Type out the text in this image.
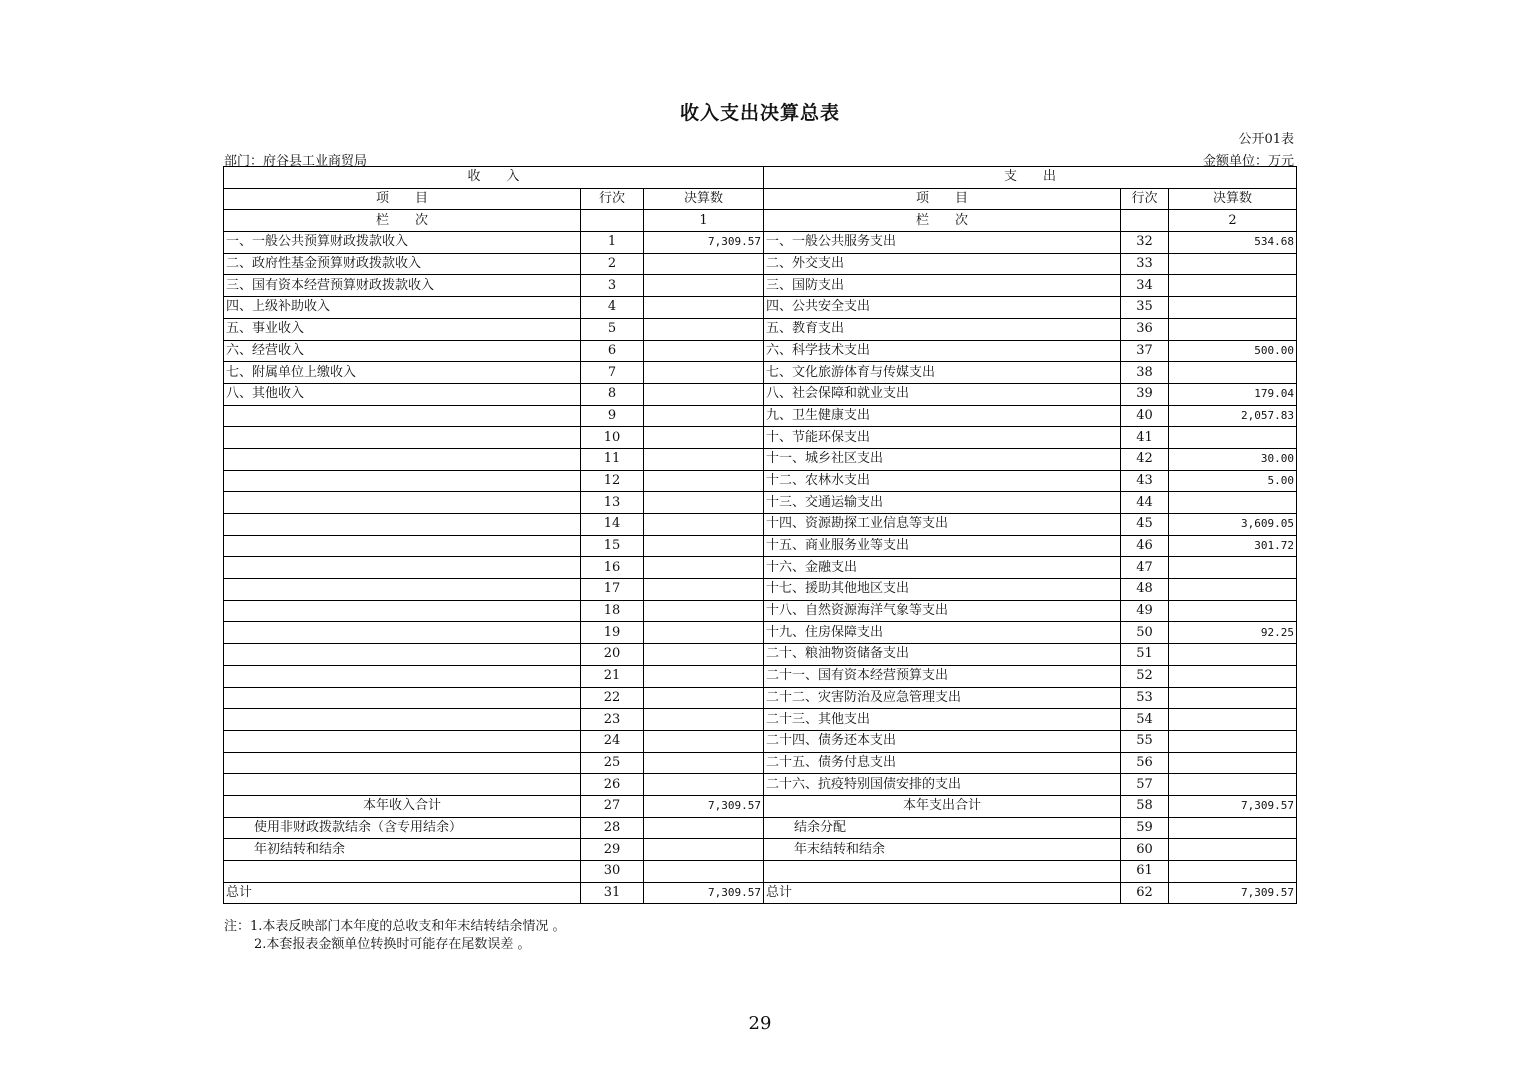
收入支出决算总表
公开01表
部门：府谷县工业商贸局	金额单位：万元
收　　入			支　　出		
项　　目	行次	决算数	项　　目	行次	决算数
栏　　次		1	栏　　次		2
一、一般公共预算财政拨款收入	1	7,309.57	一、一般公共服务支出	32	534.68
二、政府性基金预算财政拨款收入	2		二、外交支出	33	
三、国有资本经营预算财政拨款收入	3		三、国防支出	34	
四、上级补助收入	4		四、公共安全支出	35	
五、事业收入	5		五、教育支出	36	
六、经营收入	6		六、科学技术支出	37	500.00
七、附属单位上缴收入	7		七、文化旅游体育与传媒支出	38	
八、其他收入	8		八、社会保障和就业支出	39	179.04
	9		九、卫生健康支出	40	2,057.83
	10		十、节能环保支出	41	
	11		十一、城乡社区支出	42	30.00
	12		十二、农林水支出	43	5.00
	13		十三、交通运输支出	44	
	14		十四、资源勘探工业信息等支出	45	3,609.05
	15		十五、商业服务业等支出	46	301.72
	16		十六、金融支出	47	
	17		十七、援助其他地区支出	48	
	18		十八、自然资源海洋气象等支出	49	
	19		十九、住房保障支出	50	92.25
	20		二十、粮油物资储备支出	51	
	21		二十一、国有资本经营预算支出	52	
	22		二十二、灾害防治及应急管理支出	53	
	23		二十三、其他支出	54	
	24		二十四、债务还本支出	55	
	25		二十五、债务付息支出	56	
	26		二十六、抗疫特别国债安排的支出	57	
本年收入合计	27	7,309.57	本年支出合计	58	7,309.57
使用非财政拨款结余（含专用结余）	28		结余分配	59	
年初结转和结余	29		年末结转和结余	60	
	30			61	
总计	31	7,309.57	总计	62	7,309.57
注：1.本表反映部门本年度的总收支和年末结转结余情况 。
2.本套报表金额单位转换时可能存在尾数误差 。
29
